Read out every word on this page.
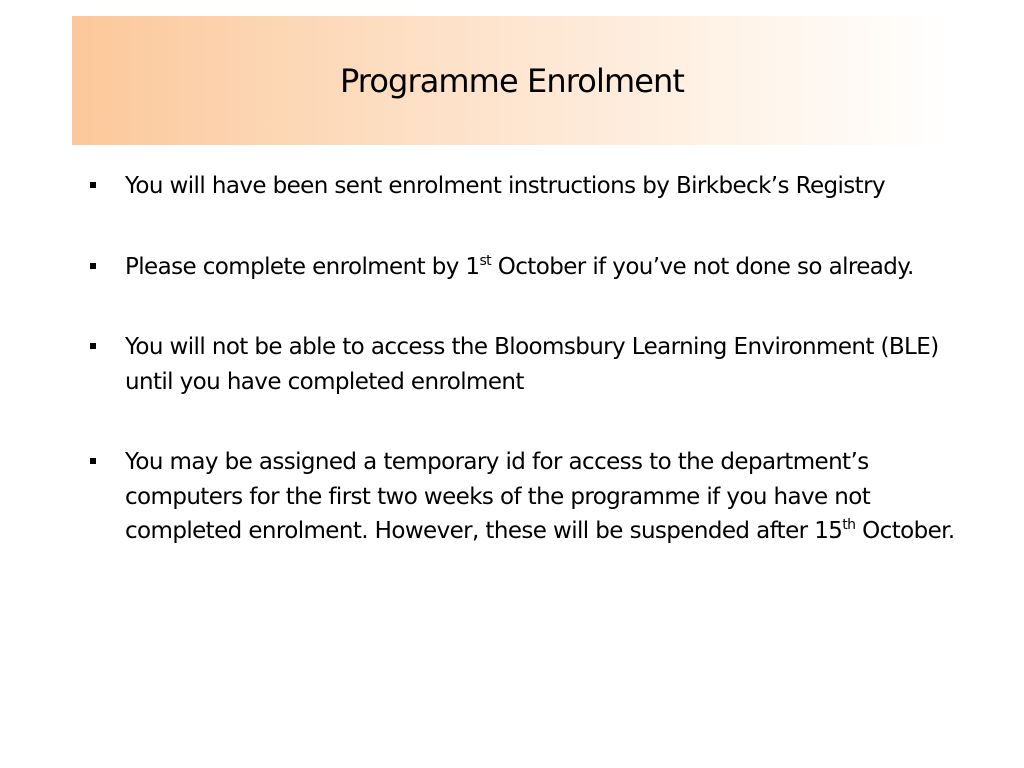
Programme Enrolment
You will have been sent enrolment instructions by Birkbeck’s Registry
Please complete enrolment by 1st October if you’ve not done so already.
You will not be able to access the Bloomsbury Learning Environment (BLE) until you have completed enrolment
You may be assigned a temporary id for access to the department’s computers for the first two weeks of the programme if you have not completed enrolment. However, these will be suspended after 15th October.
